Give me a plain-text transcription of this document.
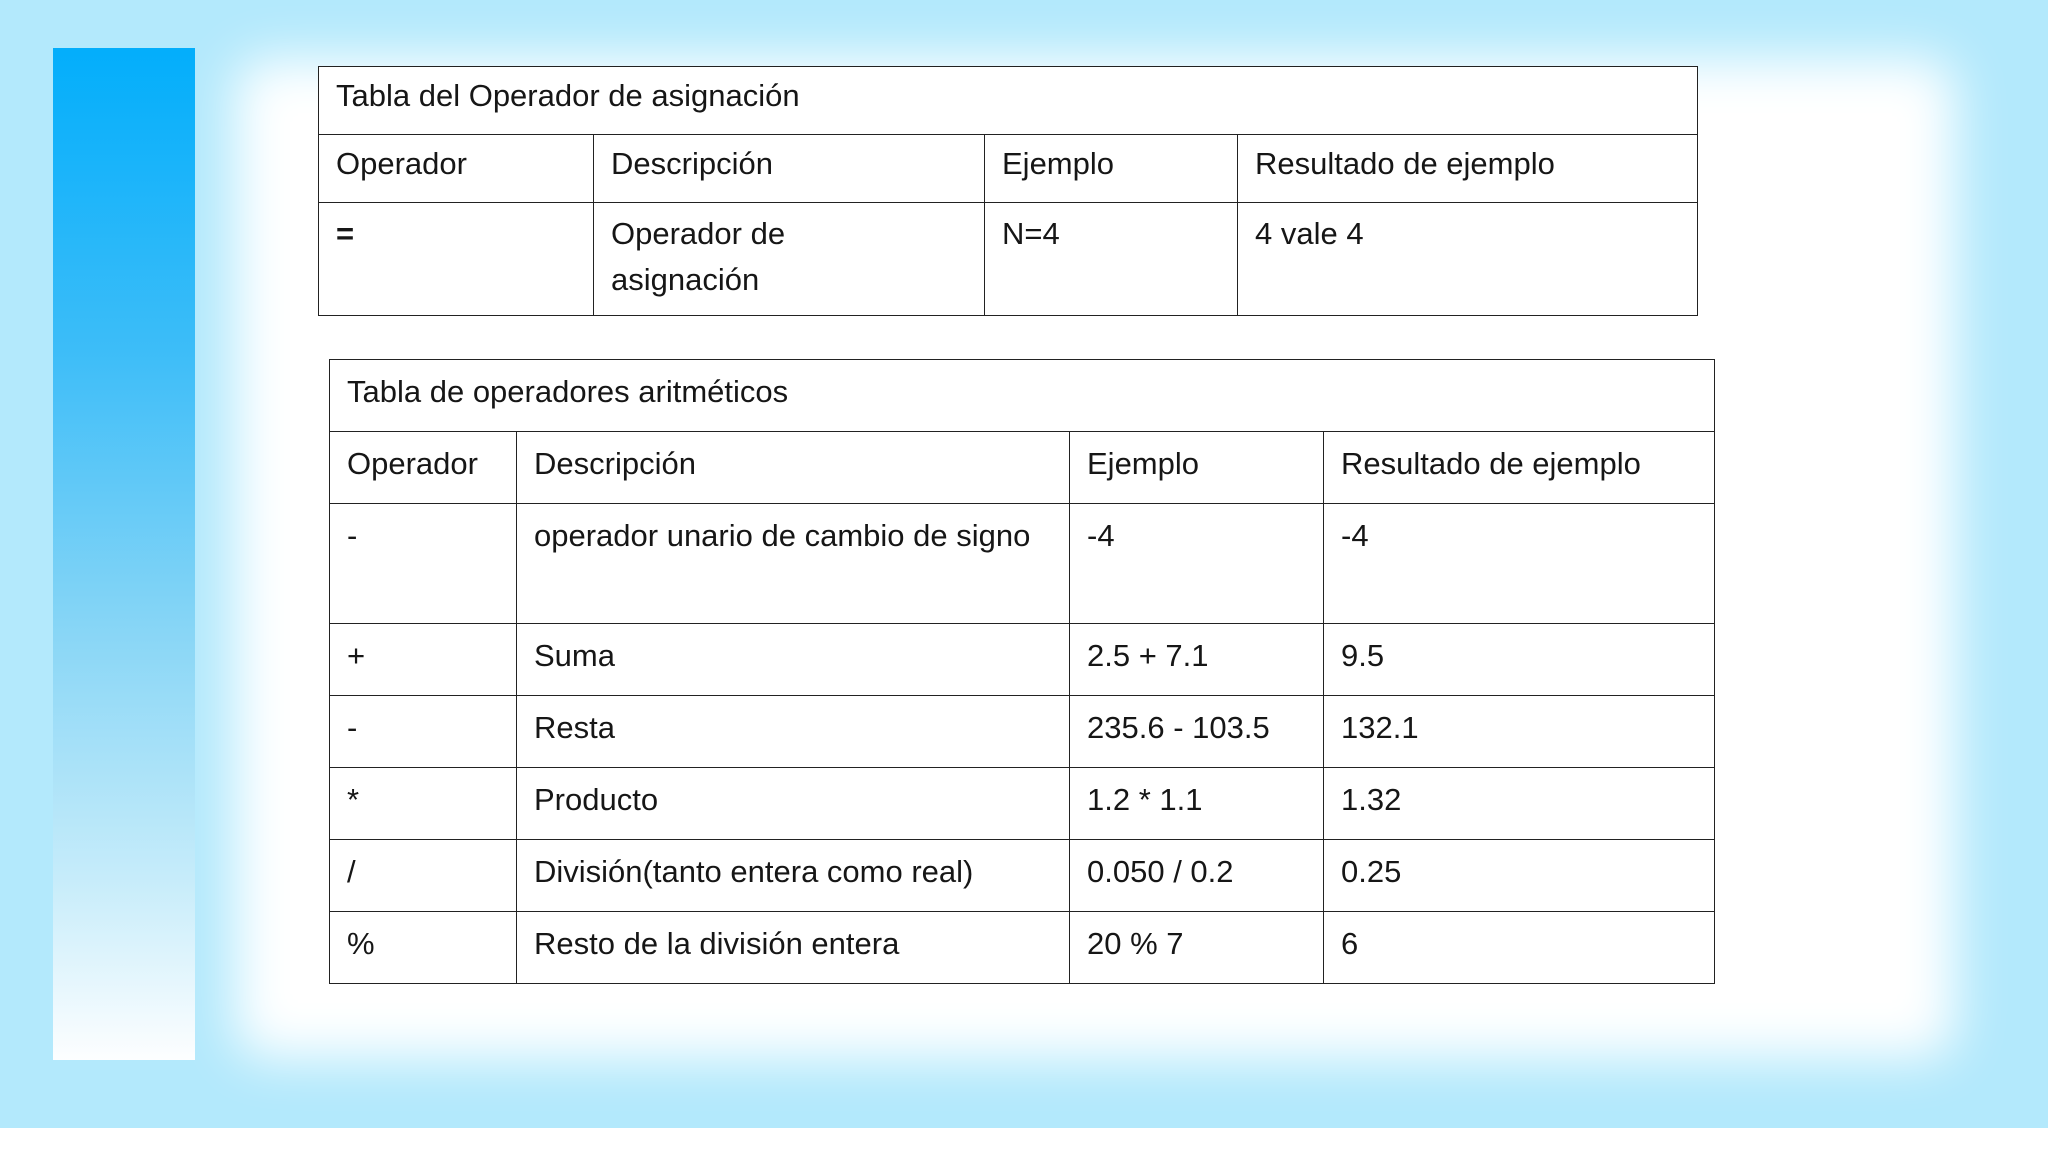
Tabla del Operador de asignación			
Operador	Descripción	Ejemplo	Resultado de ejemplo
=	Operador de asignación	N=4	4 vale 4
Tabla de operadores aritméticos			
Operador	Descripción	Ejemplo	Resultado de ejemplo
-	operador unario de cambio de signo	-4	-4
+	Suma	2.5 + 7.1	9.5
-	Resta	235.6 - 103.5	132.1
*	Producto	1.2 * 1.1	1.32
/	División(tanto entera como real)	0.050 / 0.2	0.25
%	Resto de la división entera	20 % 7	6
